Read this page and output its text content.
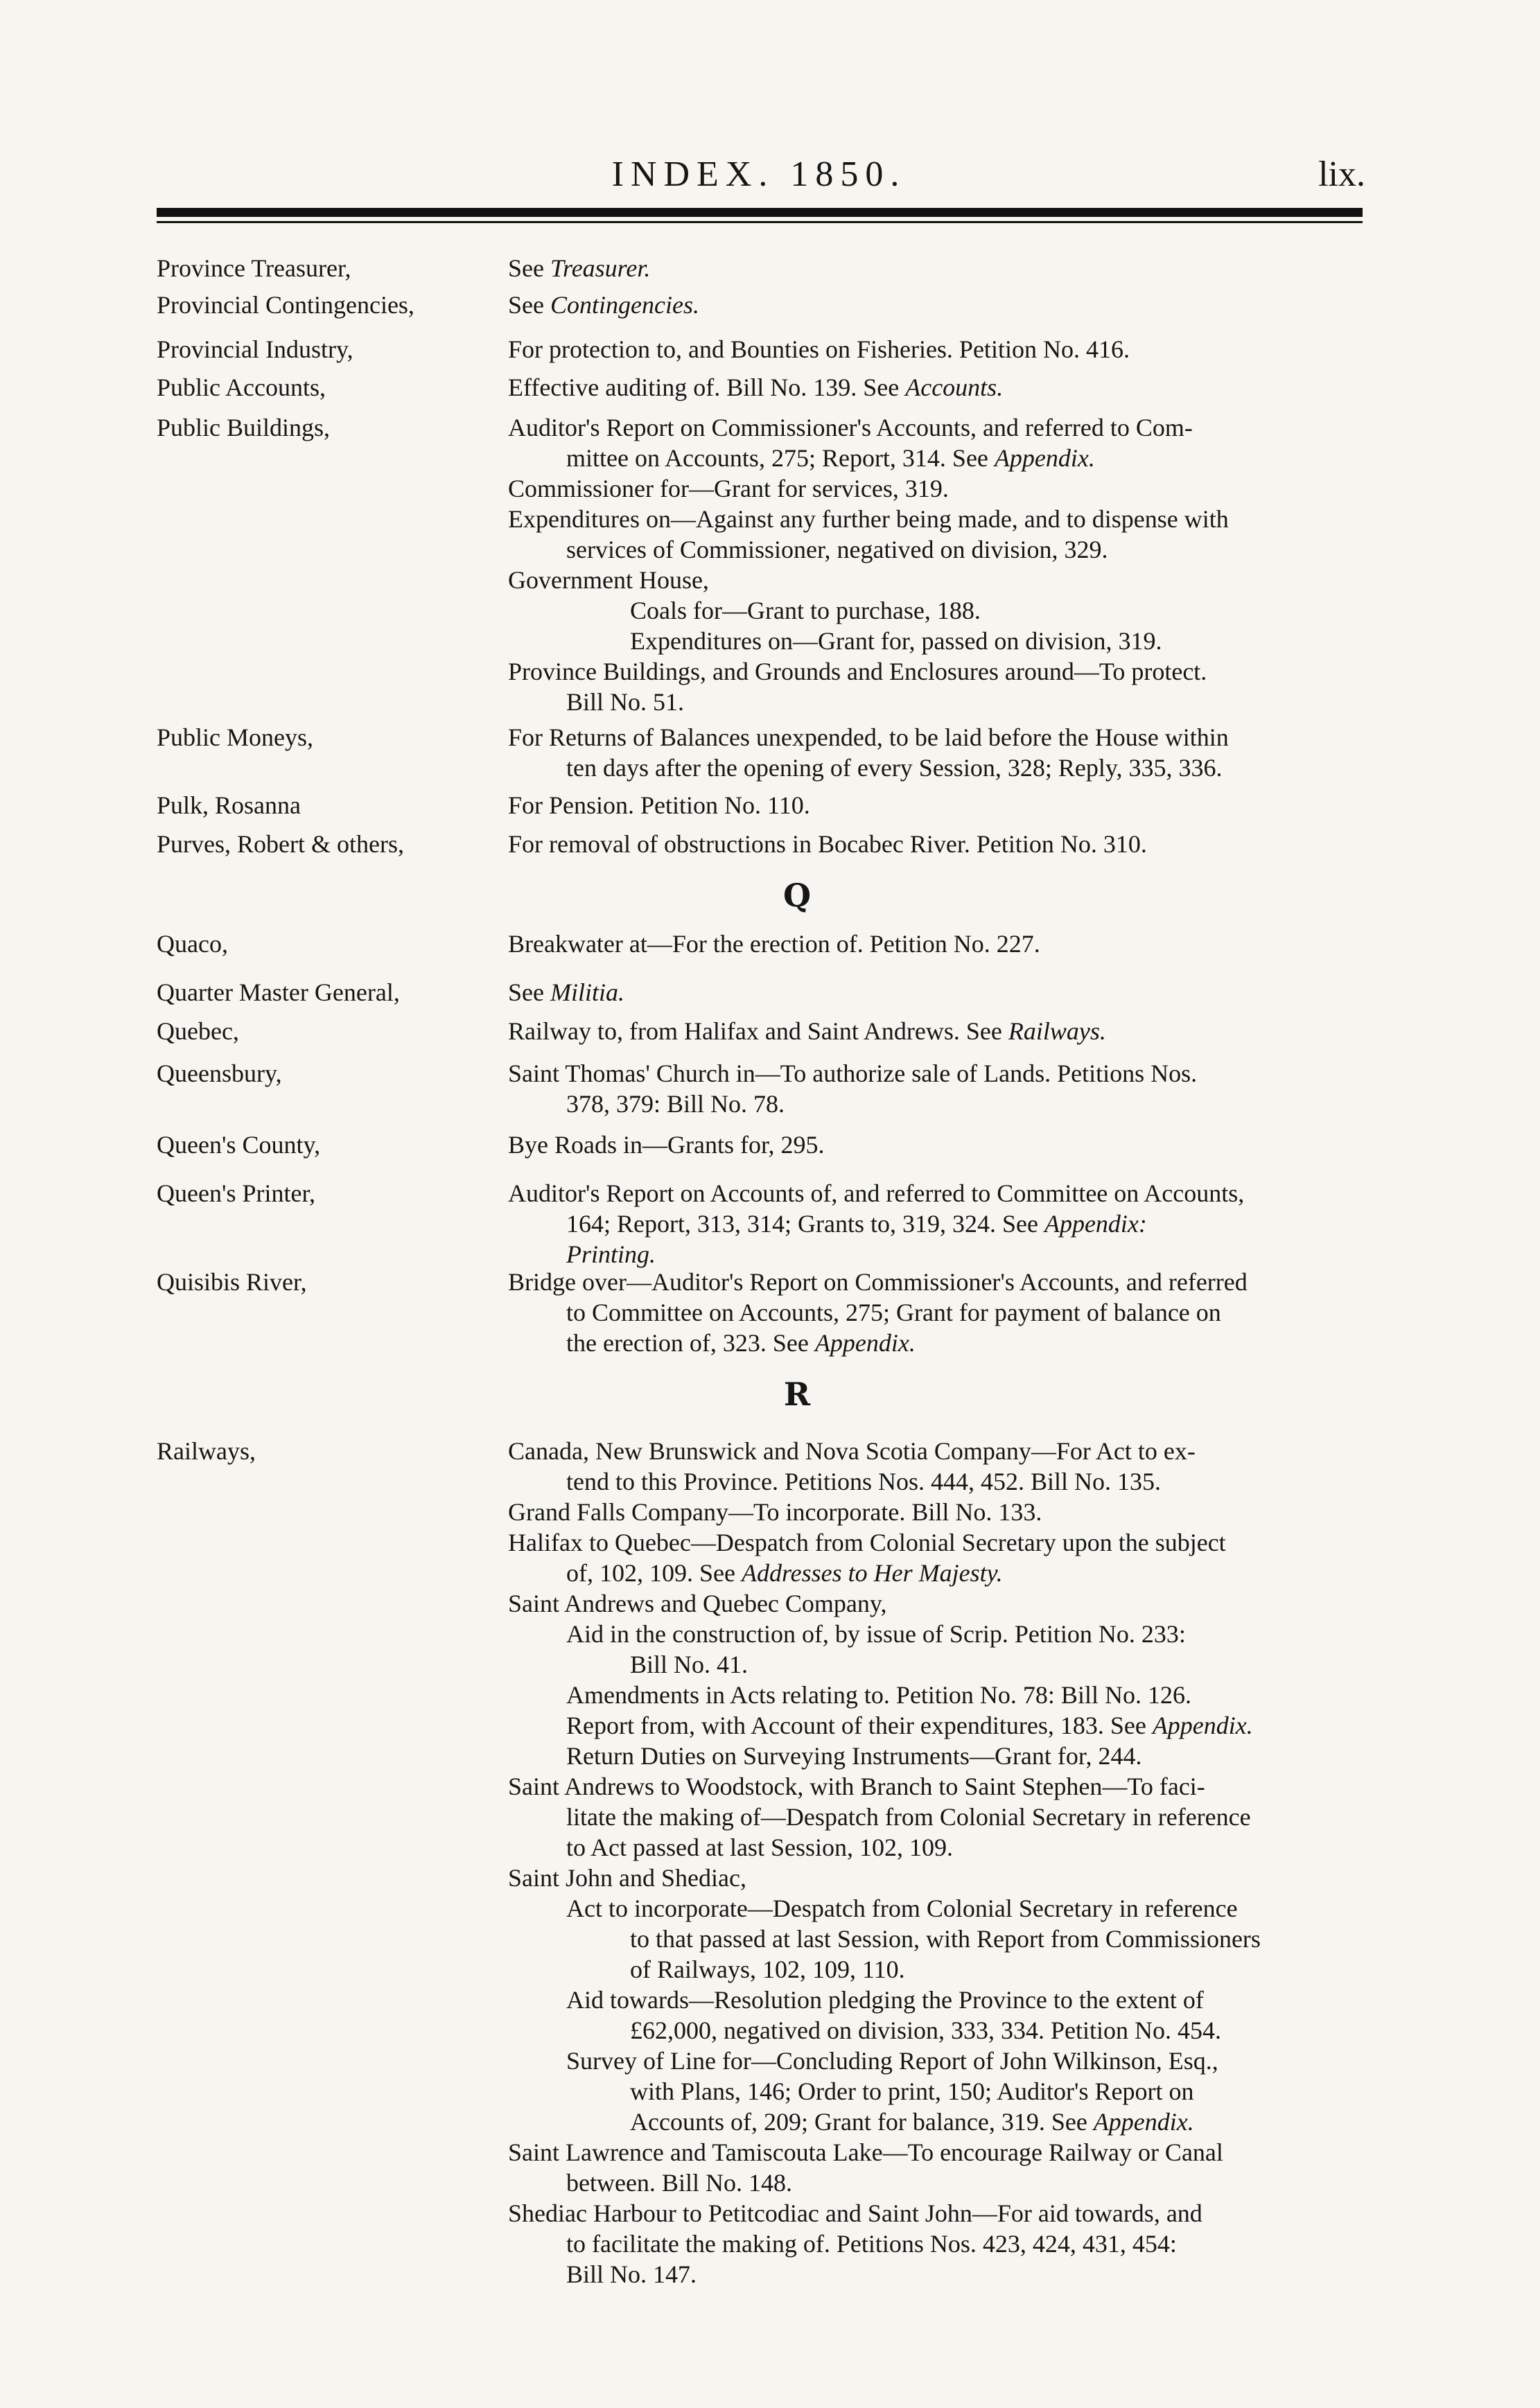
INDEX. 1850.	lix.
Q
R
Province Treasurer,	See Treasurer.
Provincial Contingencies,	See Contingencies.
Provincial Industry,	For protection to, and Bounties on Fisheries. Petition No. 416.
Public Accounts,	Effective auditing of. Bill No. 139. See Accounts.
Public Buildings,	Auditor's Report on Commissioner's Accounts, and referred to Com-
mittee on Accounts, 275; Report, 314. See Appendix.
Commissioner for—Grant for services, 319.
Expenditures on—Against any further being made, and to dispense with
services of Commissioner, negatived on division, 329.
Government House,
Coals for—Grant to purchase, 188.
Expenditures on—Grant for, passed on division, 319.
Province Buildings, and Grounds and Enclosures around—To protect.
Bill No. 51.
Public Moneys,	For Returns of Balances unexpended, to be laid before the House within
ten days after the opening of every Session, 328; Reply, 335, 336.
Pulk, Rosanna	For Pension. Petition No. 110.
Purves, Robert & others,	For removal of obstructions in Bocabec River. Petition No. 310.
Quaco,	Breakwater at—For the erection of. Petition No. 227.
Quarter Master General,	See Militia.
Quebec,	Railway to, from Halifax and Saint Andrews. See Railways.
Queensbury,	Saint Thomas' Church in—To authorize sale of Lands. Petitions Nos.
378, 379: Bill No. 78.
Queen's County,	Bye Roads in—Grants for, 295.
Queen's Printer,	Auditor's Report on Accounts of, and referred to Committee on Accounts,
164; Report, 313, 314; Grants to, 319, 324. See Appendix:
Printing.
Quisibis River,	Bridge over—Auditor's Report on Commissioner's Accounts, and referred
to Committee on Accounts, 275; Grant for payment of balance on
the erection of, 323. See Appendix.
Railways,	Canada, New Brunswick and Nova Scotia Company—For Act to ex-
tend to this Province. Petitions Nos. 444, 452. Bill No. 135.
Grand Falls Company—To incorporate. Bill No. 133.
Halifax to Quebec—Despatch from Colonial Secretary upon the subject
of, 102, 109. See Addresses to Her Majesty.
Saint Andrews and Quebec Company,
Aid in the construction of, by issue of Scrip. Petition No. 233:
Bill No. 41.
Amendments in Acts relating to. Petition No. 78: Bill No. 126.
Report from, with Account of their expenditures, 183. See Appendix.
Return Duties on Surveying Instruments—Grant for, 244.
Saint Andrews to Woodstock, with Branch to Saint Stephen—To faci-
litate the making of—Despatch from Colonial Secretary in reference
to Act passed at last Session, 102, 109.
Saint John and Shediac,
Act to incorporate—Despatch from Colonial Secretary in reference
to that passed at last Session, with Report from Commissioners
of Railways, 102, 109, 110.
Aid towards—Resolution pledging the Province to the extent of
£62,000, negatived on division, 333, 334. Petition No. 454.
Survey of Line for—Concluding Report of John Wilkinson, Esq.,
with Plans, 146; Order to print, 150; Auditor's Report on
Accounts of, 209; Grant for balance, 319. See Appendix.
Saint Lawrence and Tamiscouta Lake—To encourage Railway or Canal
between. Bill No. 148.
Shediac Harbour to Petitcodiac and Saint John—For aid towards, and
to facilitate the making of. Petitions Nos. 423, 424, 431, 454:
Bill No. 147.
